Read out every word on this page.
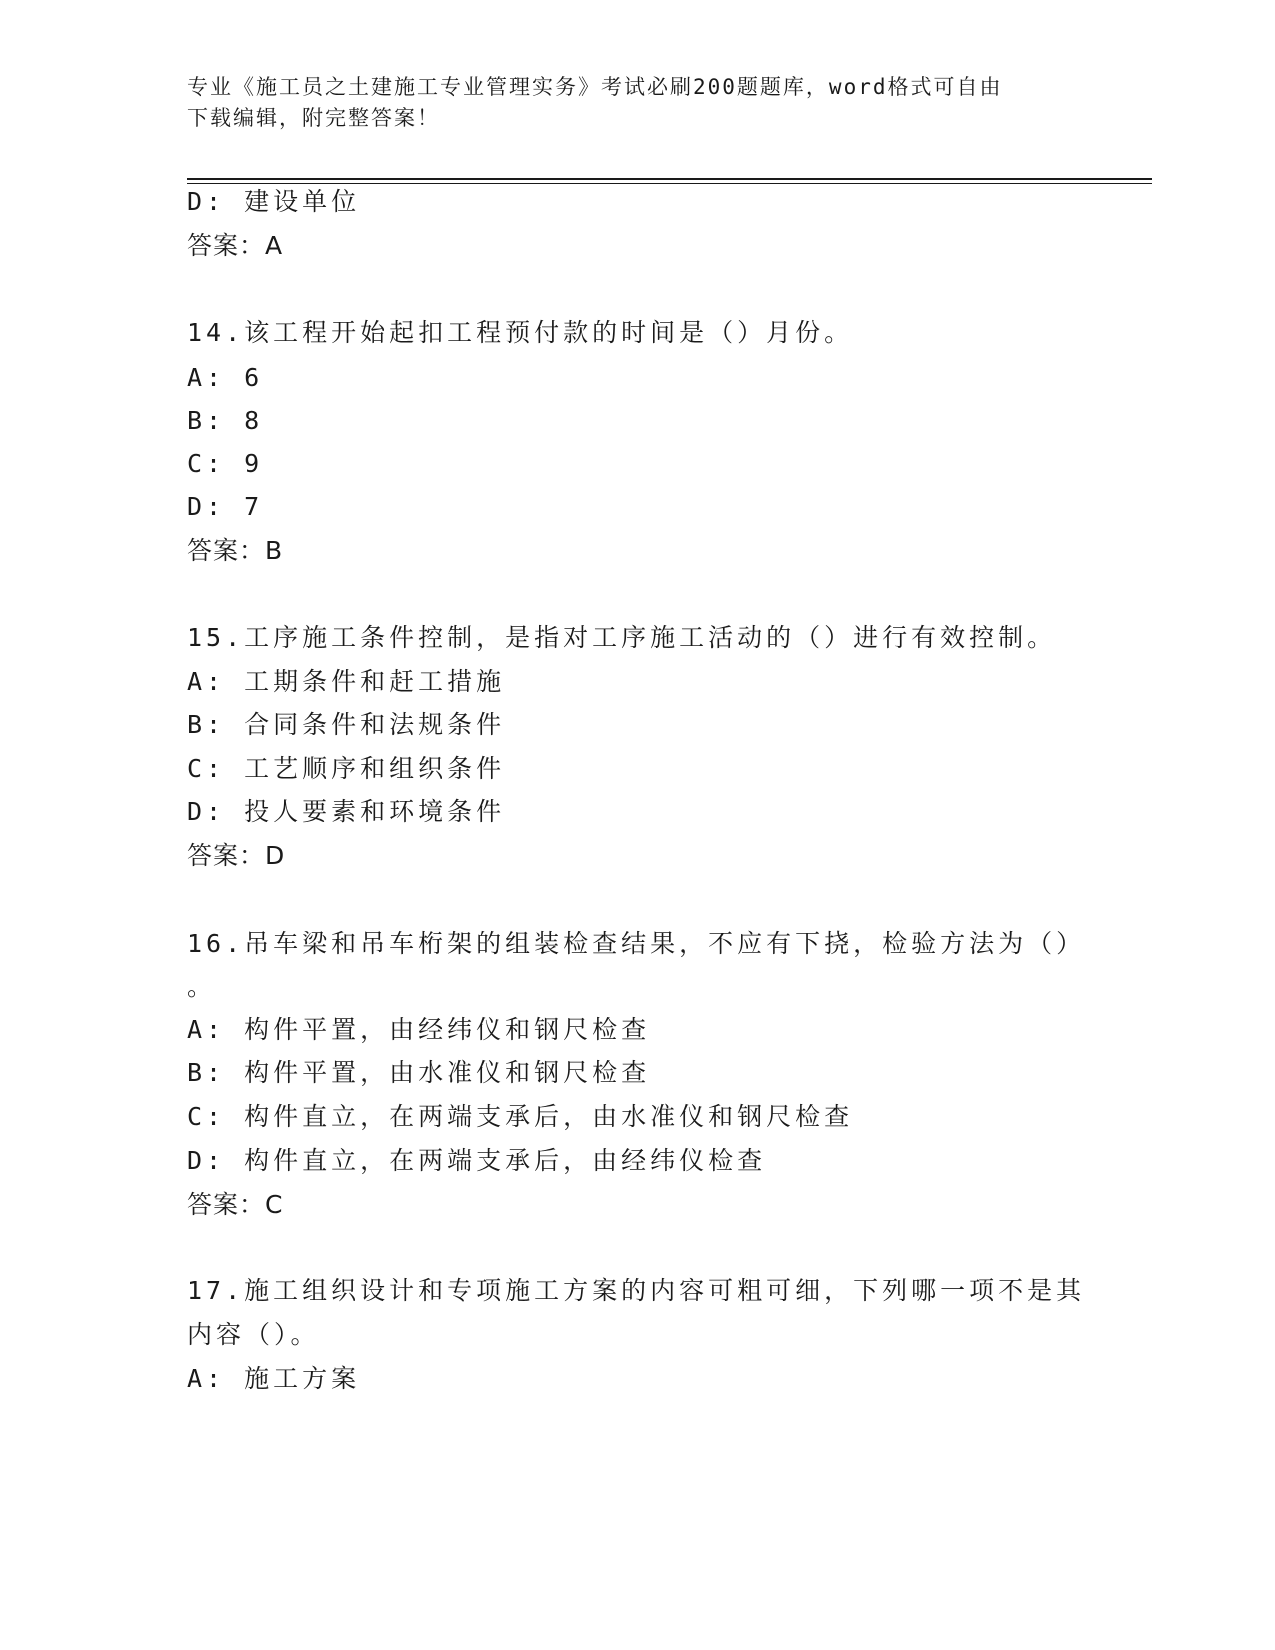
专业《施工员之土建施工专业管理实务》考试必刷200题题库，word格式可自由
下载编辑，附完整答案！
D: 建设单位
答案：A
14.该工程开始起扣工程预付款的时间是（）月份。
A: 6
B: 8
C: 9
D: 7
答案：B
15.工序施工条件控制，是指对工序施工活动的（）进行有效控制。
A: 工期条件和赶工措施
B: 合同条件和法规条件
C: 工艺顺序和组织条件
D: 投人要素和环境条件
答案：D
16.吊车梁和吊车桁架的组装检查结果，不应有下挠，检验方法为（）
。
A: 构件平置，由经纬仪和钢尺检查
B: 构件平置，由水准仪和钢尺检查
C: 构件直立，在两端支承后，由水准仪和钢尺检查
D: 构件直立，在两端支承后，由经纬仪检查
答案：C
17.施工组织设计和专项施工方案的内容可粗可细，下列哪一项不是其
内容（）。
A: 施工方案
